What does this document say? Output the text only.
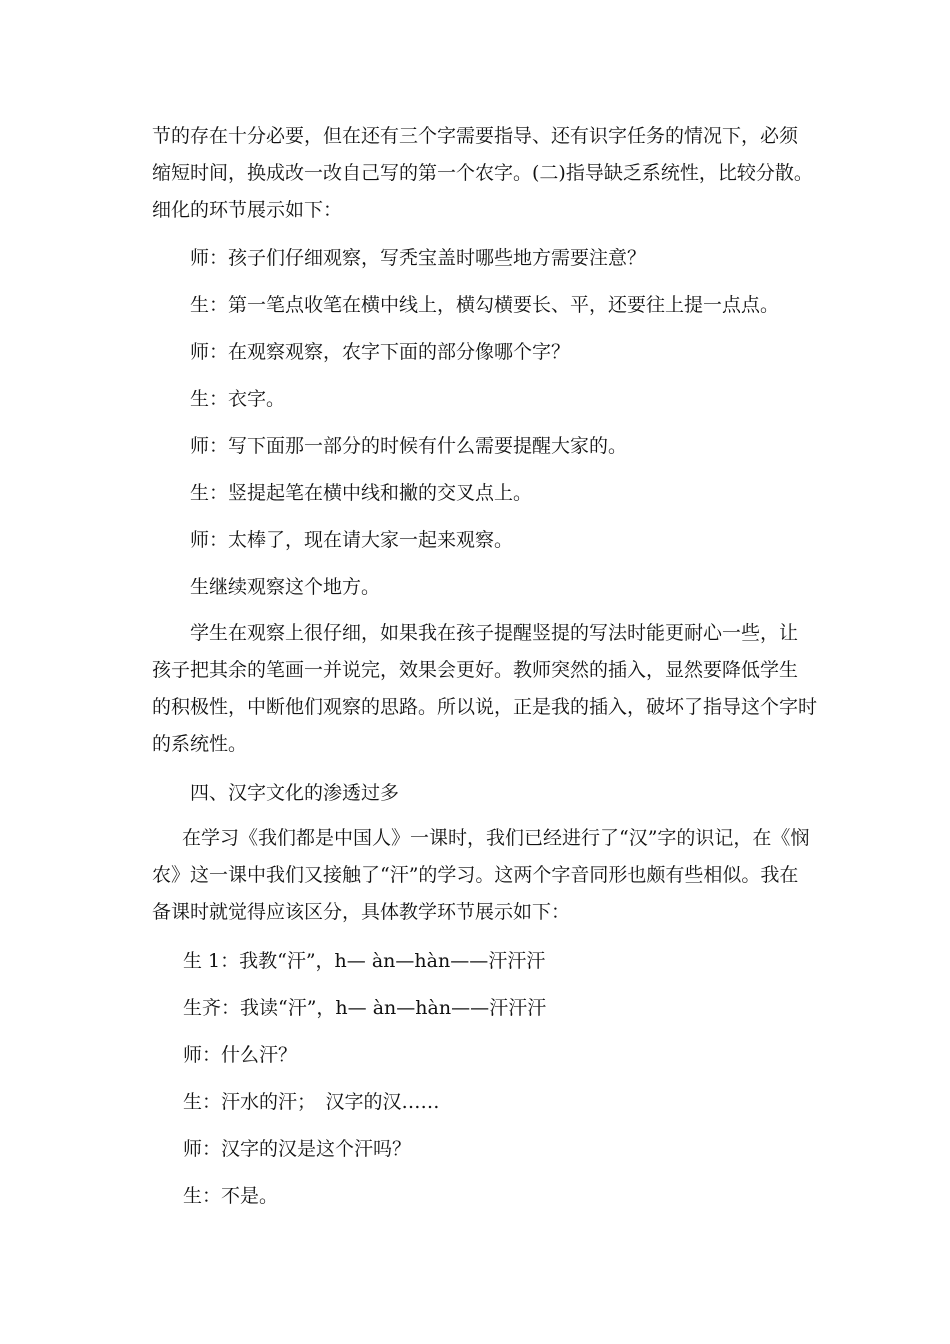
节的存在十分必要，但在还有三个字需要指导、还有识字任务的情况下，必须
缩短时间，换成改一改自己写的第一个农字。(二)指导缺乏系统性，比较分散。
细化的环节展示如下：

师：孩子们仔细观察，写秃宝盖时哪些地方需要注意？

生：第一笔点收笔在横中线上，横勾横要长、平，还要往上提一点点。

师：在观察观察，农字下面的部分像哪个字？

生：衣字。

师：写下面那一部分的时候有什么需要提醒大家的。

生：竖提起笔在横中线和撇的交叉点上。

师：太棒了，现在请大家一起来观察。

生继续观察这个地方。

学生在观察上很仔细，如果我在孩子提醒竖提的写法时能更耐心一些，让
孩子把其余的笔画一并说完，效果会更好。教师突然的插入，显然要降低学生
的积极性，中断他们观察的思路。所以说，正是我的插入，破坏了指导这个字时
的系统性。

四、汉字文化的渗透过多

在学习《我们都是中国人》一课时，我们已经进行了“汉”字的识记，在《悯
农》这一课中我们又接触了“汗”的学习。这两个字音同形也颇有些相似。我在
备课时就觉得应该区分，具体教学环节展示如下：

生 1：我教“汗”，h— àn—hàn——汗汗汗

生齐：我读“汗”，h— àn—hàn——汗汗汗

师：什么汗？

生：汗水的汗；　汉字的汉……

师：汉字的汉是这个汗吗？

生：不是。
